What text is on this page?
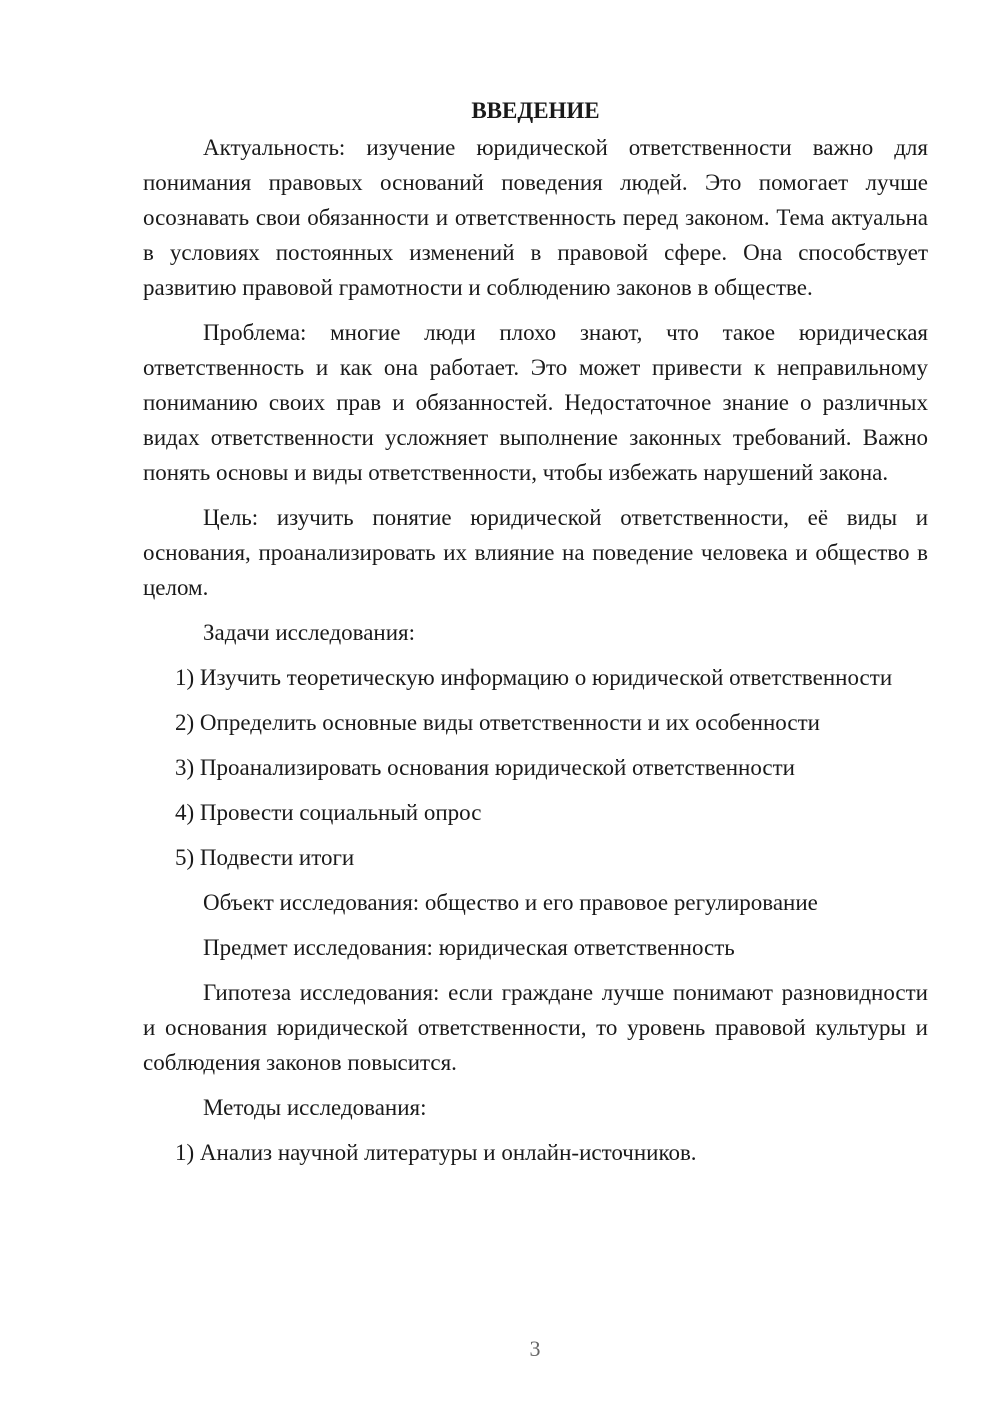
ВВЕДЕНИЕ

Актуальность: изучение юридической ответственности важно для понимания правовых оснований поведения людей. Это помогает лучше осознавать свои обязанности и ответственность перед законом. Тема актуальна в условиях постоянных изменений в правовой сфере. Она способствует развитию правовой грамотности и соблюдению законов в обществе.

Проблема: многие люди плохо знают, что такое юридическая ответственность и как она работает. Это может привести к неправильному пониманию своих прав и обязанностей. Недостаточное знание о различных видах ответственности усложняет выполнение законных требований. Важно понять основы и виды ответственности, чтобы избежать нарушений закона.

Цель: изучить понятие юридической ответственности, её виды и основания, проанализировать их влияние на поведение человека и общество в целом.

Задачи исследования:

1) Изучить теоретическую информацию о юридической ответственности

2) Определить основные виды ответственности и их особенности

3) Проанализировать основания юридической ответственности

4) Провести социальный опрос

5) Подвести итоги

Объект исследования: общество и его правовое регулирование

Предмет исследования: юридическая ответственность

Гипотеза исследования: если граждане лучше понимают разновидности и основания юридической ответственности, то уровень правовой культуры и соблюдения законов повысится.

Методы исследования:

1) Анализ научной литературы и онлайн-источников.

3
